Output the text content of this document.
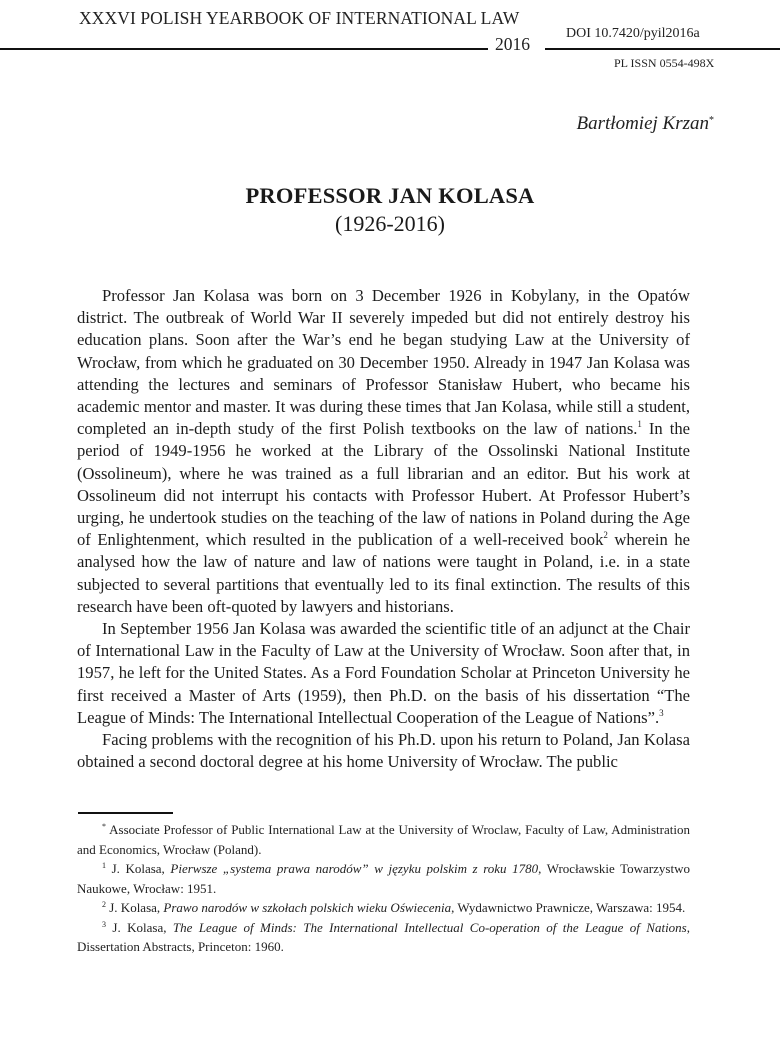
XXXVI POLISH YEARBOOK OF INTERNATIONAL LAW
2016
DOI 10.7420/pyil2016a
PL ISSN 0554-498X
Bartłomiej Krzan*
PROFESSOR JAN KOLASA
(1926-2016)

Professor Jan Kolasa was born on 3 December 1926 in Kobylany, in the Opatów district. The outbreak of World War II severely impeded but did not entirely destroy his education plans. Soon after the War’s end he began studying Law at the University of Wrocław, from which he graduated on 30 December 1950. Already in 1947 Jan Kolasa was attending the lectures and seminars of Professor Stanisław Hubert, who became his academic mentor and master. It was during these times that Jan Kolasa, while still a student, completed an in-depth study of the first Polish textbooks on the law of nations.$^1$ In the period of 1949-1956 he worked at the Library of the Ossolinski National Institute (Ossolineum), where he was trained as a full librarian and an editor. But his work at Ossolineum did not interrupt his contacts with Professor Hubert. At Professor Hubert’s urging, he undertook studies on the teaching of the law of nations in Poland during the Age of Enlightenment, which resulted in the publication of a well-received book$^2$ wherein he analysed how the law of nature and law of nations were taught in Poland, i.e. in a state subjected to several partitions that eventually led to its final extinction. The results of this research have been oft-quoted by lawyers and historians.

In September 1956 Jan Kolasa was awarded the scientific title of an adjunct at the Chair of International Law in the Faculty of Law at the University of Wrocław. Soon after that, in 1957, he left for the United States. As a Ford Foundation Scholar at Princeton University he first received a Master of Arts (1959), then Ph.D. on the basis of his dissertation “The League of Minds: The International Intellectual Cooperation of the League of Nations”.$^3$

Facing problems with the recognition of his Ph.D. upon his return to Poland, Jan Kolasa obtained a second doctoral degree at his home University of Wrocław. The public

* Associate Professor of Public International Law at the University of Wroclaw, Faculty of Law, Administration and Economics, Wrocław (Poland).

$^1$ J. Kolasa, Pierwsze „systema prawa narodów” w języku polskim z roku 1780, Wrocławskie Towarzystwo Naukowe, Wrocław: 1951.

$^2$ J. Kolasa, Prawo narodów w szkołach polskich wieku Oświecenia, Wydawnictwo Prawnicze, Warszawa: 1954.

$^3$ J. Kolasa, The League of Minds: The International Intellectual Co-operation of the League of Nations, Dissertation Abstracts, Princeton: 1960.
